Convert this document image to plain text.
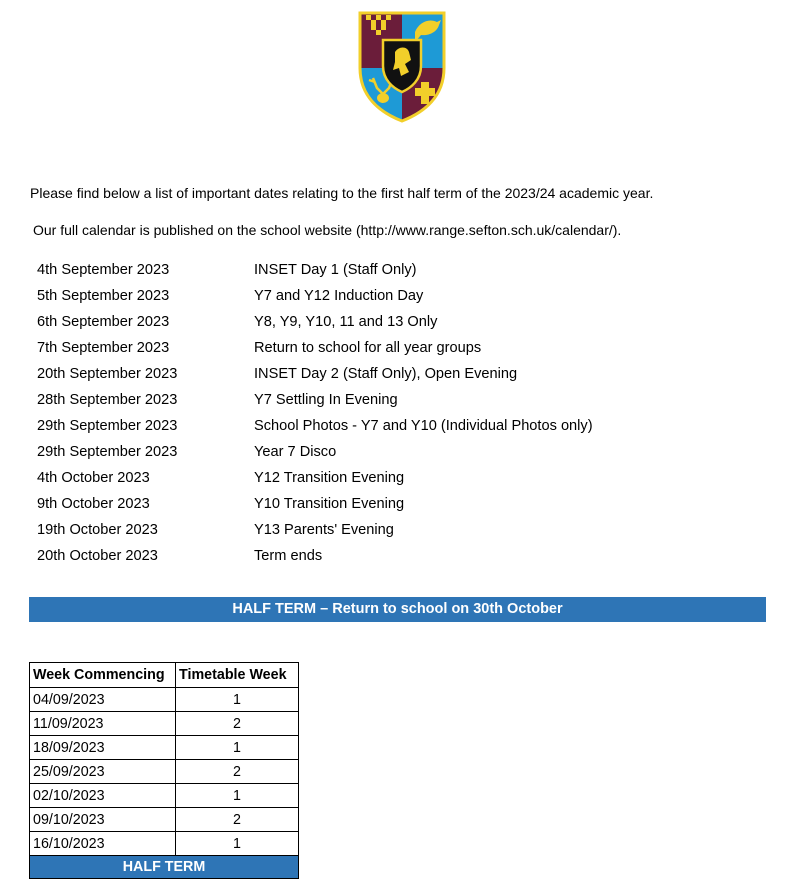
Please find below a list of important dates relating to the first half term of the 2023/24 academic year.
Our full calendar is published on the school website (http://www.range.sefton.sch.uk/calendar/).
4th September 2023	INSET Day 1 (Staff Only)
5th September 2023	Y7 and Y12 Induction Day
6th September 2023	Y8, Y9, Y10, 11 and 13 Only
7th September 2023	Return to school for all year groups
20th September 2023	INSET Day 2 (Staff Only), Open Evening
28th September 2023	Y7 Settling In Evening
29th September 2023	School Photos - Y7 and Y10 (Individual Photos only)
29th September 2023	Year 7 Disco
4th October 2023	Y12 Transition Evening
9th October 2023	Y10 Transition Evening
19th October 2023	Y13 Parents' Evening
20th October 2023	Term ends
HALF TERM – Return to school on 30th October
Week Commencing	Timetable Week
04/09/2023	1
11/09/2023	2
18/09/2023	1
25/09/2023	2
02/10/2023	1
09/10/2023	2
16/10/2023	1
HALF TERM	
